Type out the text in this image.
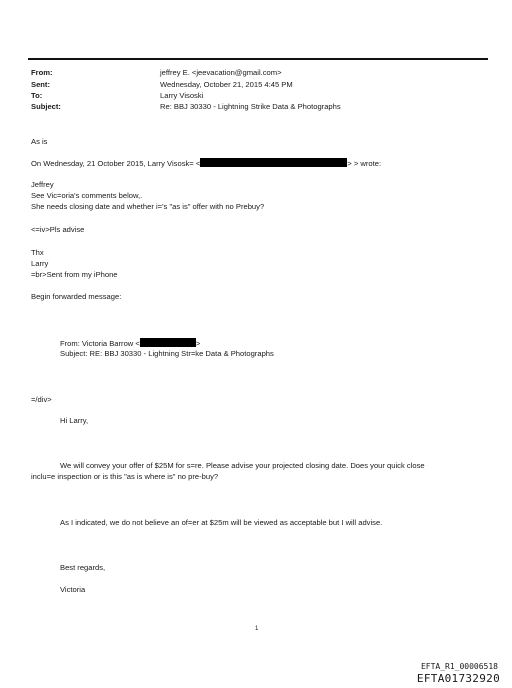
From:	jeffrey E. <jeevacation@gmail.com>
Sent:	Wednesday, October 21, 2015 4:45 PM
To:	Larry Visoski
Subject:	Re: BBJ 30330 - Lightning Strike Data & Photographs
As is
On Wednesday, 21 October 2015, Larry Visosk= <	> > wrote:
Jeffrey
See Vic=oria's comments below,.
She needs closing date and whether i='s "as is" offer with no Prebuy?
<=iv>Pls advise
Thx
Larry
=br>Sent from my iPhone
Begin forwarded message:
From: Victoria Barrow <	>
Subject: RE: BBJ 30330 - Lightning Str=ke Data & Photographs
=/div>
Hi Larry,
We will convey your offer of $25M for s=re. Please advise your projected closing date. Does your quick close
inclu=e inspection or is this "as is where is" no pre-buy?
As I indicated, we do not believe an of=er at $25m will be viewed as acceptable but I will advise.
Best regards,
Victoria
1
EFTA_R1_00006518
EFTA01732920
